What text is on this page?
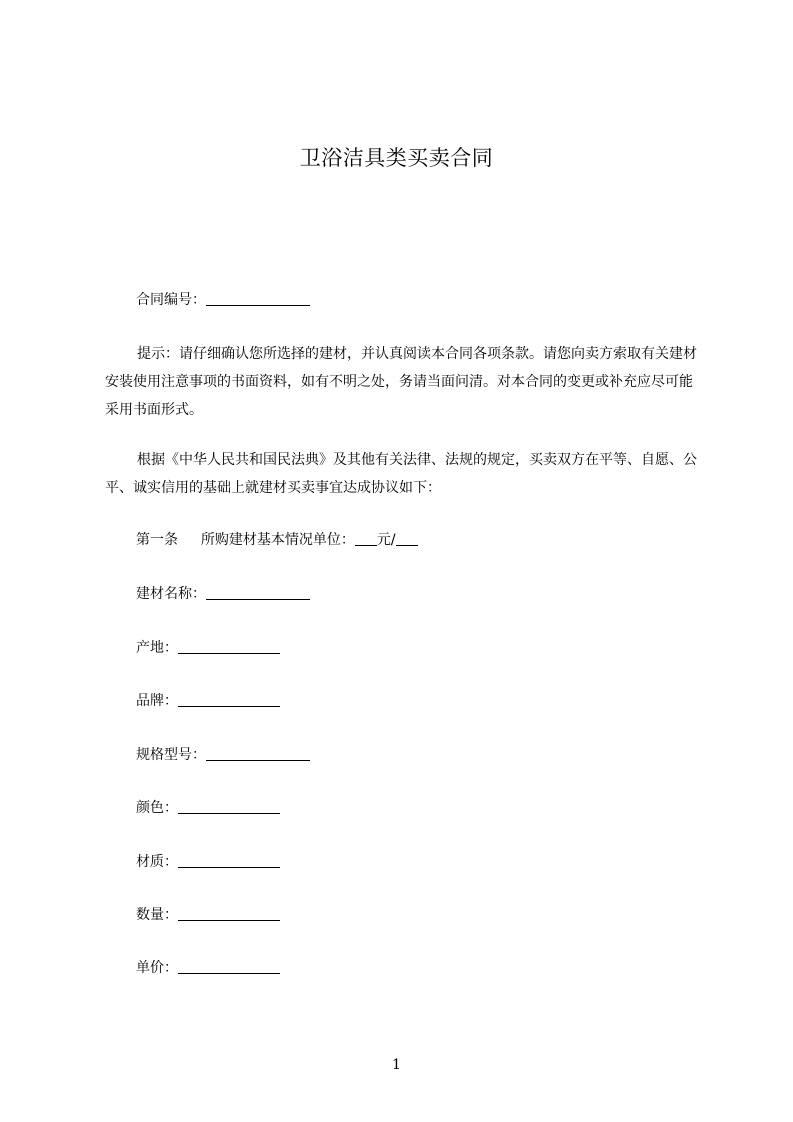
卫浴洁具类买卖合同
合同编号：
提示：请仔细确认您所选择的建材，并认真阅读本合同各项条款。请您向卖方索取有关建材安装使用注意事项的书面资料，如有不明之处，务请当面问清。对本合同的变更或补充应尽可能采用书面形式。
根据《中华人民共和国民法典》及其他有关法律、法规的规定，买卖双方在平等、自愿、公平、诚实信用的基础上就建材买卖事宜达成协议如下：
第一条 所购建材基本情况单位： 元/
建材名称：
产地：
品牌：
规格型号：
颜色：
材质：
数量：
单价：
1
